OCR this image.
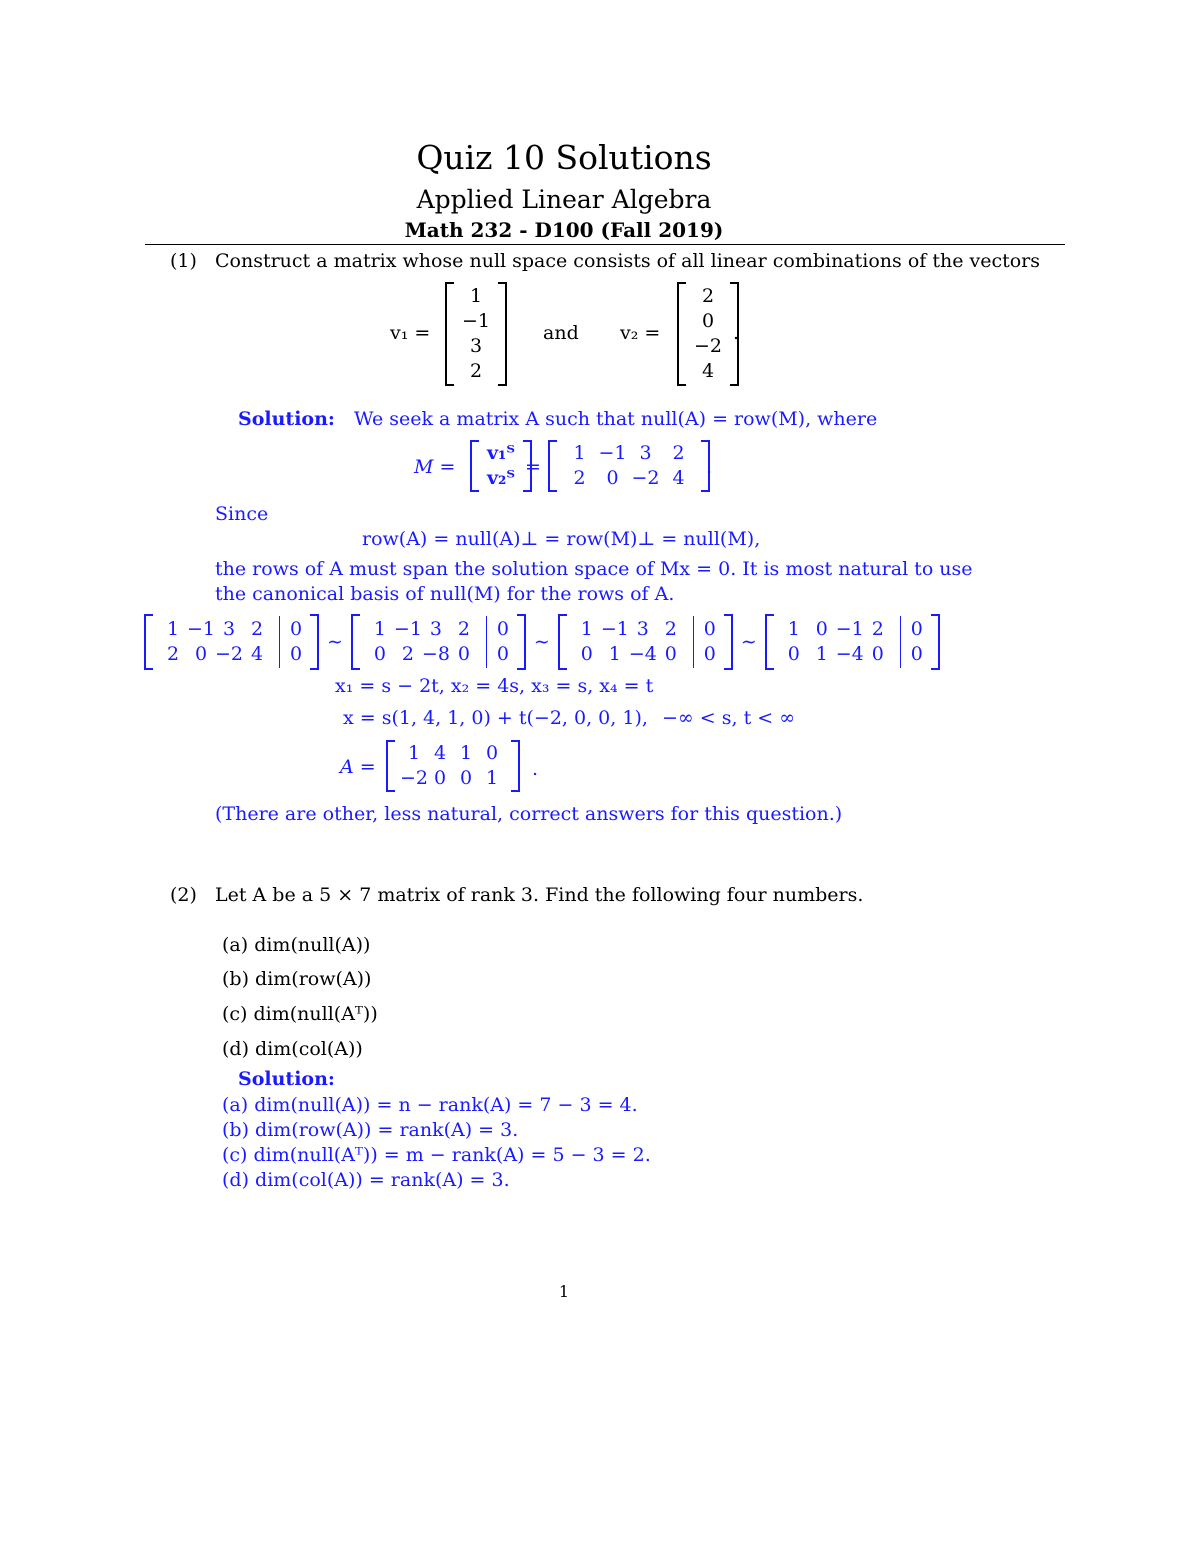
Quiz 10 Solutions
Applied Linear Algebra
Math 232 - D100 (Fall 2019)
(1) Construct a matrix whose null space consists of all linear combinations of the vectors
v₁ =
1
−1
3
2
and v₂ =
2
0
−2
4
.
Solution: We seek a matrix A such that null(A) = row(M), where
M =
v₁ᵀ
v₂ᵀ =
1 −1 3 2
2 0 −2 4 .
Since
row(A) = null(A)⊥ = row(M)⊥ = null(M),
the rows of A must span the solution space of Mx = 0. It is most natural to use
the canonical basis of null(M) for the rows of A.
1 −1 3 2
2 0 −2 4
0
0
∼
1 −1 3 2
0 2 −8 0
0
0
∼
1 −1 3 2
0 1 −4 0
0
0
∼
1 0 −1 2
0 1 −4 0
0
0
x₁ = s − 2t, x₂ = 4s, x₃ = s, x₄ = t
x = s(1, 4, 1, 0) + t(−2, 0, 0, 1), −∞ < s, t < ∞
A =
1 4 1 0
−2 0 0 1 .
(There are other, less natural, correct answers for this question.)
(2) Let A be a 5 × 7 matrix of rank 3. Find the following four numbers.
(a) dim(null(A))
(b) dim(row(A))
(c) dim(null(Aᵀ))
(d) dim(col(A))
Solution:
(a) dim(null(A)) = n − rank(A) = 7 − 3 = 4.
(b) dim(row(A)) = rank(A) = 3.
(c) dim(null(Aᵀ)) = m − rank(A) = 5 − 3 = 2.
(d) dim(col(A)) = rank(A) = 3.
1
